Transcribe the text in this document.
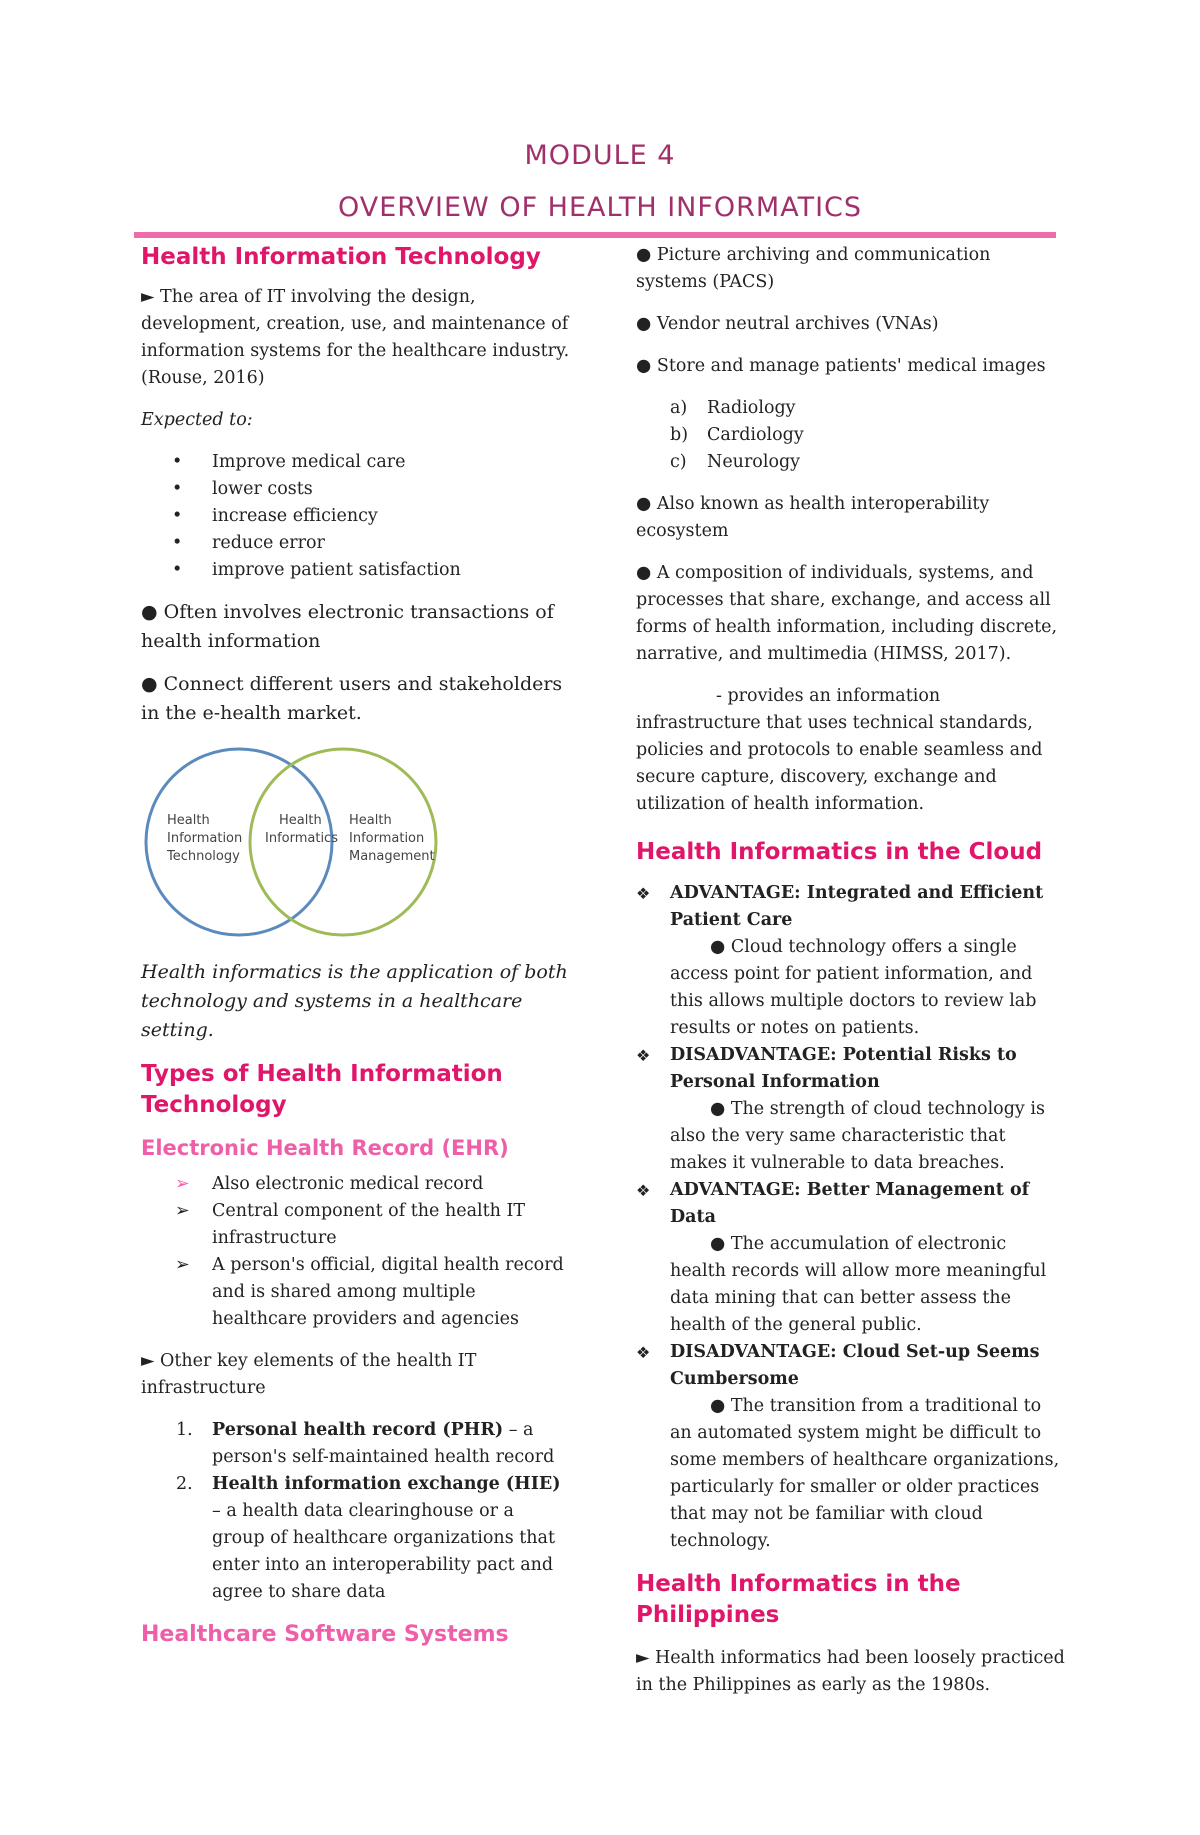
MODULE 4
OVERVIEW OF HEALTH INFORMATICS
Health Information Technology

► The area of IT involving the design, development, creation, use, and maintenance of information systems for the healthcare industry. (Rouse, 2016)

Expected to:

• Improve medical care
• lower costs
• increase efficiency
• reduce error
• improve patient satisfaction

● Often involves electronic transactions of health information

● Connect different users and stakeholders in the e-health market.

Health
Information
Technology
Health
Informatics
Health
Information
Management

Health informatics is the application of both technology and systems in a healthcare setting.

Types of Health Information Technology
Electronic Health Record (EHR)
➢ Also electronic medical record
➢ Central component of the health IT infrastructure
➢ A person's official, digital health record and is shared among multiple healthcare providers and agencies

► Other key elements of the health IT infrastructure

1. Personal health record (PHR) – a person's self-maintained health record
2. Health information exchange (HIE) – a health data clearinghouse or a group of healthcare organizations that enter into an interoperability pact and agree to share data
Healthcare Software Systems

● Picture archiving and communication systems (PACS)

● Vendor neutral archives (VNAs)

● Store and manage patients' medical images

a) Radiology
b) Cardiology
c) Neurology

● Also known as health interoperability ecosystem

● A composition of individuals, systems, and processes that share, exchange, and access all forms of health information, including discrete, narrative, and multimedia (HIMSS, 2017).

- provides an information infrastructure that uses technical standards, policies and protocols to enable seamless and secure capture, discovery, exchange and utilization of health information.

Health Informatics in the Cloud
❖ ADVANTAGE: Integrated and Efficient Patient Care
● Cloud technology offers a single access point for patient information, and this allows multiple doctors to review lab results or notes on patients.
❖ DISADVANTAGE: Potential Risks to Personal Information
● The strength of cloud technology is also the very same characteristic that makes it vulnerable to data breaches.
❖ ADVANTAGE: Better Management of Data
● The accumulation of electronic health records will allow more meaningful data mining that can better assess the health of the general public.
❖ DISADVANTAGE: Cloud Set-up Seems Cumbersome
● The transition from a traditional to an automated system might be difficult to some members of healthcare organizations, particularly for smaller or older practices that may not be familiar with cloud technology.
Health Informatics in the Philippines

► Health informatics had been loosely practiced in the Philippines as early as the 1980s.
